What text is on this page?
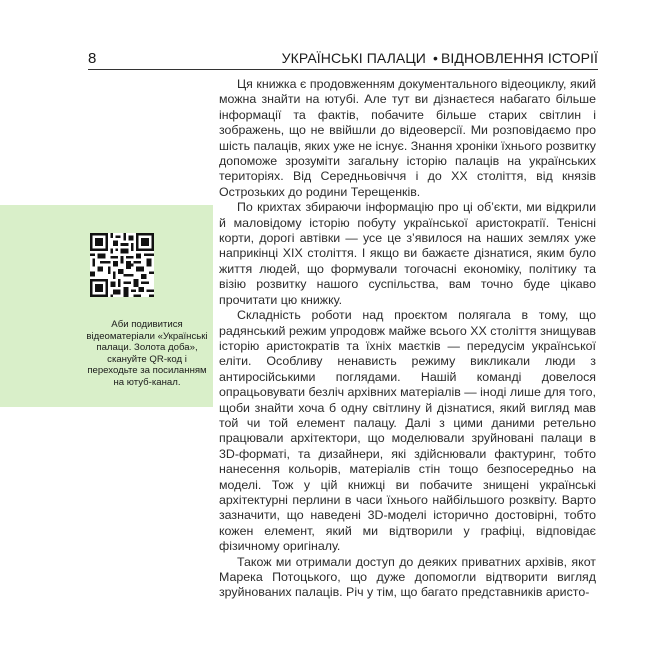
8	УКРАЇНСЬКІ ПАЛАЦИ • ВІДНОВЛЕННЯ ІСТОРІЇ
Аби подивитися відеоматеріали «Українські палаци. Золота доба», скануйте QR-код і переходьте за посиланням на ютуб-канал.

Ця книжка є продовженням документального відеоциклу, який можна знайти на ютубі. Але тут ви дізнаєтеся набагато більше інформації та фактів, побачите більше старих світлин і зображень, що не ввійшли до відеоверсії. Ми розповідаємо про шість палаців, яких уже не існує. Знання хроніки їхнього розвитку допоможе зрозуміти загальну історію палаців на українських територіях. Від Середньовіччя і до XX століття, від князів Острозьких до родини Терещенків.

По крихтах збираючи інформацію про ці об’єкти, ми відкрили й маловідому історію побуту української аристократії. Тенісні корти, дорогі автівки — усе це з’явилося на наших землях уже наприкінці XIX століття. І якщо ви бажаєте дізнатися, яким було життя людей, що формували тогочасні економіку, політику та візію розвитку нашого суспільства, вам точно буде цікаво прочитати цю книжку.

Складність роботи над проєктом полягала в тому, що радянський режим упродовж майже всього XX століття знищував історію аристократів та їхніх маєтків — передусім української еліти. Особливу ненависть режиму викликали люди з антиросійськими поглядами. Нашій команді довелося опрацьовувати безліч архівних матеріалів — іноді лише для того, щоби знайти хоча б одну світлину й дізнатися, який вигляд мав той чи той елемент палацу. Далі з цими даними ретельно працювали архітектори, що моделювали зруйновані палаци в 3D-форматі, та дизайнери, які здійснювали фактуринг, тобто нанесення кольорів, матеріалів стін тощо безпосередньо на моделі. Тож у цій книжці ви побачите знищені українські архітектурні перлини в часи їхнього найбільшого розквіту. Варто зазначити, що наведені 3D-моделі історично достовірні, тобто кожен елемент, який ми відтворили у графіці, відповідає фізичному оригіналу.

Також ми отримали доступ до деяких приватних архівів, якот Марека Потоцького, що дуже допомогли відтворити вигляд зруйнованих палаців. Річ у тім, що багато представників аристо-
